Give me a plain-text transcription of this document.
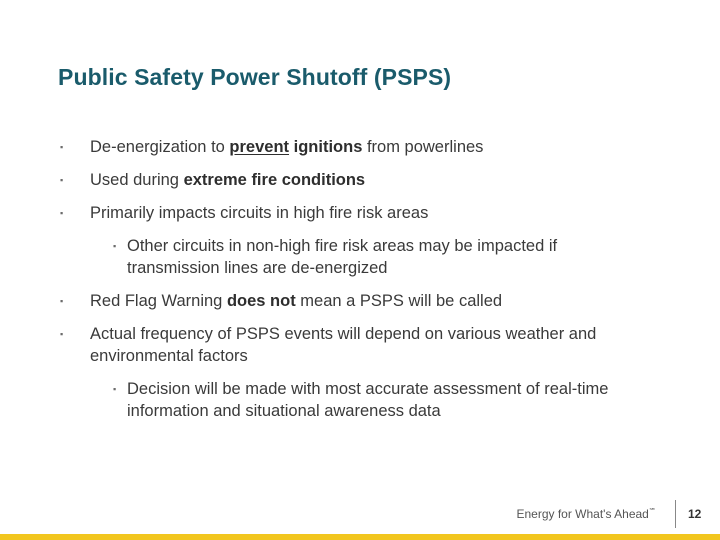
Public Safety Power Shutoff (PSPS)
▪ De-energization to prevent ignitions from powerlines
▪ Used during extreme fire conditions
▪ Primarily impacts circuits in high fire risk areas
▪ Other circuits in non-high fire risk areas may be impacted if transmission lines are de-energized
▪ Red Flag Warning does not mean a PSPS will be called
▪ Actual frequency of PSPS events will depend on various weather and environmental factors
▪ Decision will be made with most accurate assessment of real-time information and situational awareness data
Energy for What's Ahead℠	12
